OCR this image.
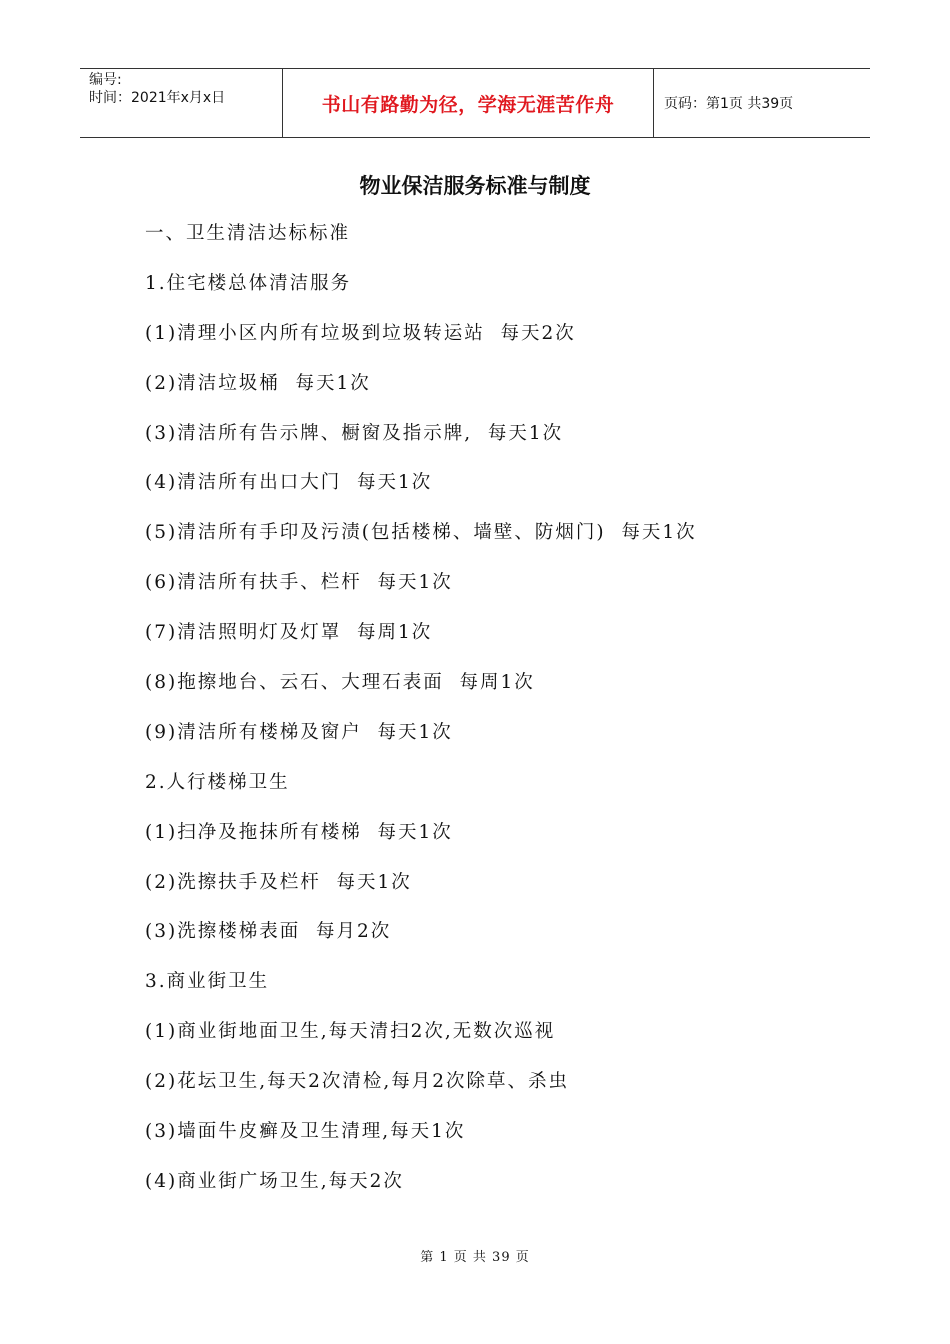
编号:
时间：2021年x月x日	书山有路勤为径，学海无涯苦作舟	页码：第1页 共39页
物业保洁服务标准与制度
一、卫生清洁达标标准
1.住宅楼总体清洁服务
(1)清理小区内所有垃圾到垃圾转运站  每天2次
(2)清洁垃圾桶  每天1次
(3)清洁所有告示牌、橱窗及指示牌,  每天1次
(4)清洁所有出口大门  每天1次
(5)清洁所有手印及污渍(包括楼梯、墙壁、防烟门)  每天1次
(6)清洁所有扶手、栏杆  每天1次
(7)清洁照明灯及灯罩  每周1次
(8)拖擦地台、云石、大理石表面  每周1次
(9)清洁所有楼梯及窗户  每天1次
2.人行楼梯卫生
(1)扫净及拖抹所有楼梯  每天1次
(2)洗擦扶手及栏杆  每天1次
(3)洗擦楼梯表面  每月2次
3.商业街卫生
(1)商业街地面卫生,每天清扫2次,无数次巡视
(2)花坛卫生,每天2次清检,每月2次除草、杀虫
(3)墙面牛皮癣及卫生清理,每天1次
(4)商业街广场卫生,每天2次
第 1 页 共 39 页
